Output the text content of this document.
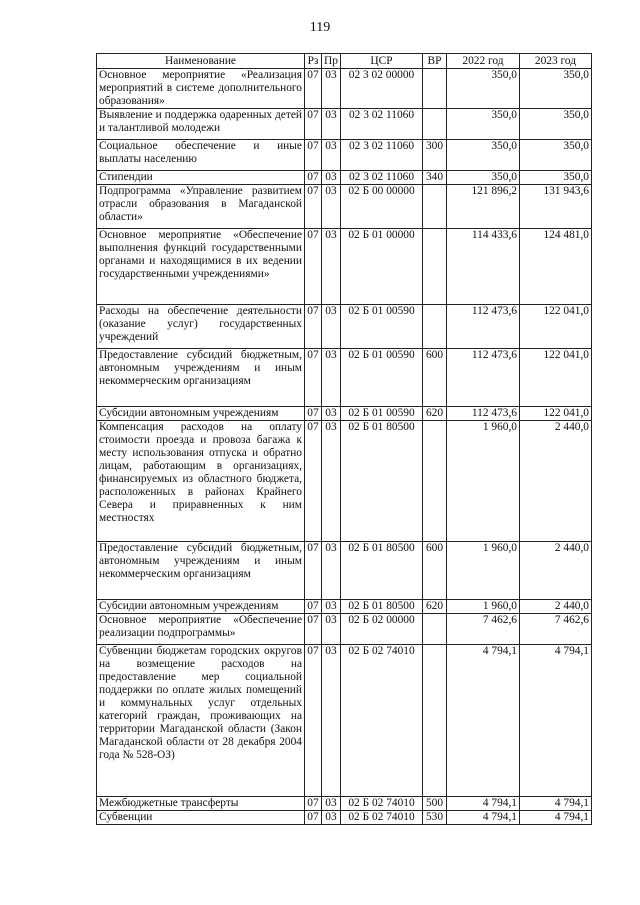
119
Наименование	Рз	Пр	ЦСР	ВР	2022 год	2023 год
Основное мероприятие «Реализация мероприятий в системе дополнительного образования»	07	03	02 3 02 00000		350,0	350,0
Выявление и поддержка одаренных детей и талантливой молодежи	07	03	02 3 02 11060		350,0	350,0
Социальное обеспечение и иные выплаты населению	07	03	02 3 02 11060	300	350,0	350,0
Стипендии	07	03	02 3 02 11060	340	350,0	350,0
Подпрограмма «Управление развитием отрасли образования в Магаданской области»	07	03	02 Б 00 00000		121 896,2	131 943,6
Основное мероприятие «Обеспечение выполнения функций государственными органами и находящимися в их ведении государственными учреждениями»	07	03	02 Б 01 00000		114 433,6	124 481,0
Расходы на обеспечение деятельности (оказание услуг) государственных учреждений	07	03	02 Б 01 00590		112 473,6	122 041,0
Предоставление субсидий бюджетным, автономным учреждениям и иным некоммерческим организациям	07	03	02 Б 01 00590	600	112 473,6	122 041,0
Субсидии автономным учреждениям	07	03	02 Б 01 00590	620	112 473,6	122 041,0
Компенсация расходов на оплату стоимости проезда и провоза багажа к месту использования отпуска и обратно лицам, работающим в организациях, финансируемых из областного бюджета, расположенных в районах Крайнего Севера и приравненных к ним местностях	07	03	02 Б 01 80500		1 960,0	2 440,0
Предоставление субсидий бюджетным, автономным учреждениям и иным некоммерческим организациям	07	03	02 Б 01 80500	600	1 960,0	2 440,0
Субсидии автономным учреждениям	07	03	02 Б 01 80500	620	1 960,0	2 440,0
Основное мероприятие «Обеспечение реализации подпрограммы»	07	03	02 Б 02 00000		7 462,6	7 462,6
Субвенции бюджетам городских округов на возмещение расходов на предоставление мер социальной поддержки по оплате жилых помещений и коммунальных услуг отдельных категорий граждан, проживающих на территории Магаданской области (Закон Магаданской области от 28 декабря 2004 года № 528-ОЗ)	07	03	02 Б 02 74010		4 794,1	4 794,1
Межбюджетные трансферты	07	03	02 Б 02 74010	500	4 794,1	4 794,1
Субвенции	07	03	02 Б 02 74010	530	4 794,1	4 794,1
